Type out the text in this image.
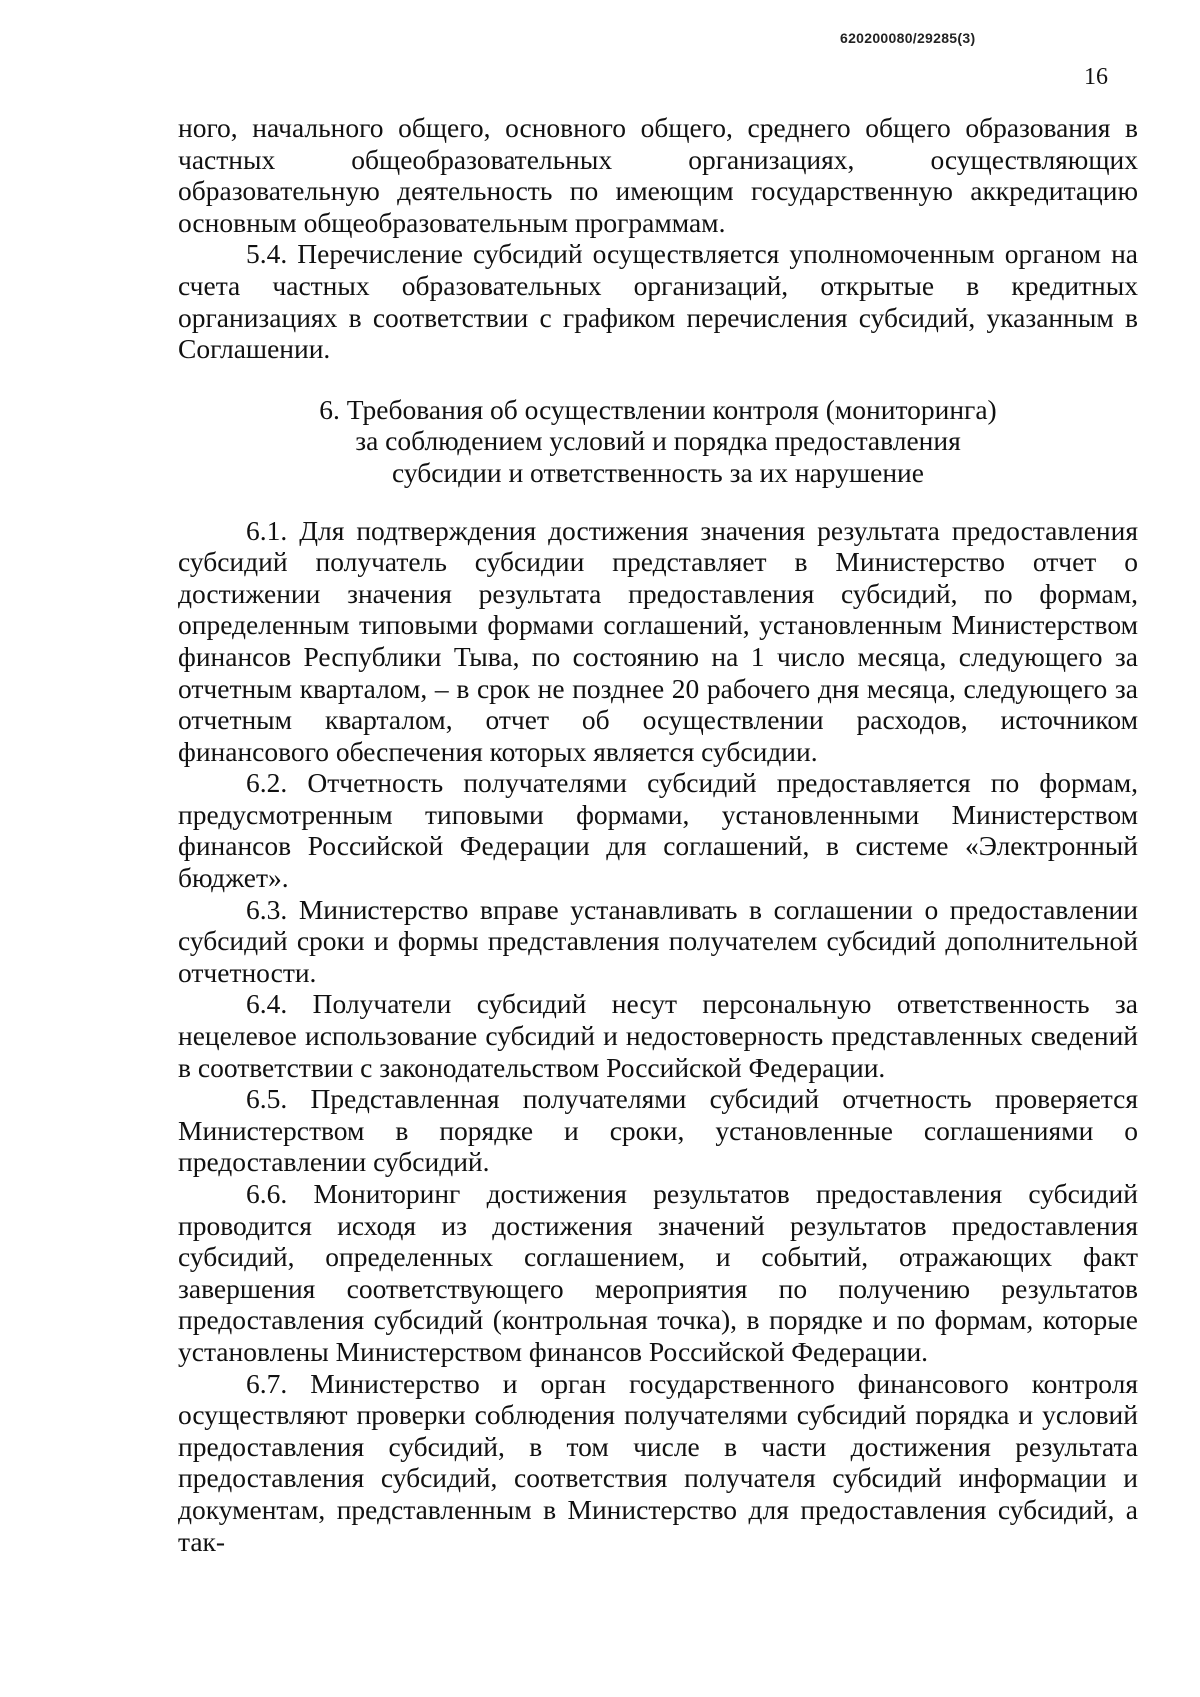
620200080/29285(3)
16

ного, начального общего, основного общего, среднего общего образования в частных общеобразовательных организациях, осуществляющих образовательную деятельность по имеющим государственную аккредитацию основным общеобразовательным программам.

5.4. Перечисление субсидий осуществляется уполномоченным органом на счета частных образовательных организаций, открытые в кредитных организациях в соответствии с графиком перечисления субсидий, указанным в Соглашении.

6. Требования об осуществлении контроля (мониторинга)
за соблюдением условий и порядка предоставления
субсидии и ответственность за их нарушение

6.1. Для подтверждения достижения значения результата предоставления субсидий получатель субсидии представляет в Министерство отчет о достижении значения результата предоставления субсидий, по формам, определенным типовыми формами соглашений, установленным Министерством финансов Республики Тыва, по состоянию на 1 число месяца, следующего за отчетным кварталом, – в срок не позднее 20 рабочего дня месяца, следующего за отчетным кварталом, отчет об осуществлении расходов, источником финансового обеспечения которых является субсидии.

6.2. Отчетность получателями субсидий предоставляется по формам, предусмотренным типовыми формами, установленными Министерством финансов Российской Федерации для соглашений, в системе «Электронный бюджет».

6.3. Министерство вправе устанавливать в соглашении о предоставлении субсидий сроки и формы представления получателем субсидий дополнительной отчетности.

6.4. Получатели субсидий несут персональную ответственность за нецелевое использование субсидий и недостоверность представленных сведений в соответствии с законодательством Российской Федерации.

6.5. Представленная получателями субсидий отчетность проверяется Министерством в порядке и сроки, установленные соглашениями о предоставлении субсидий.

6.6. Мониторинг достижения результатов предоставления субсидий проводится исходя из достижения значений результатов предоставления субсидий, определенных соглашением, и событий, отражающих факт завершения соответствующего мероприятия по получению результатов предоставления субсидий (контрольная точка), в порядке и по формам, которые установлены Министерством финансов Российской Федерации.

6.7. Министерство и орган государственного финансового контроля осуществляют проверки соблюдения получателями субсидий порядка и условий предоставления субсидий, в том числе в части достижения результата предоставления субсидий, соответствия получателя субсидий информации и документам, представленным в Министерство для предоставления субсидий, а так-
